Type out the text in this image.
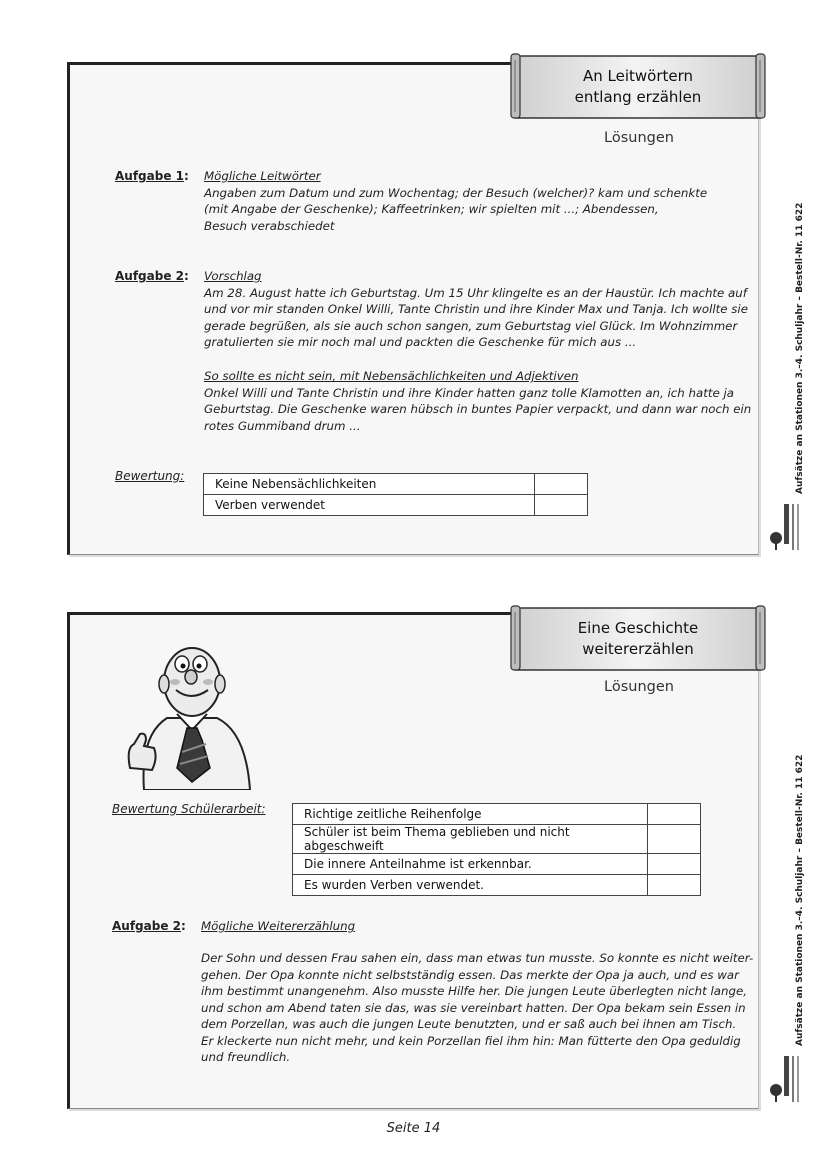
An Leitwörtern
entlang erzählen
Lösungen
Aufgabe 1: Mögliche Leitwörter
Angaben zum Datum und zum Wochentag; der Besuch (welcher)? kam und schenkte
(mit Angabe der Geschenke); Kaffeetrinken; wir spielten mit ...; Abendessen,
Besuch verabschiedet
Aufgabe 2: Vorschlag
Am 28. August hatte ich Geburtstag. Um 15 Uhr klingelte es an der Haustür. Ich machte auf
und vor mir standen Onkel Willi, Tante Christin und ihre Kinder Max und Tanja. Ich wollte sie
gerade begrüßen, als sie auch schon sangen, zum Geburtstag viel Glück. Im Wohnzimmer
gratulierten sie mir noch mal und packten die Geschenke für mich aus ...
So sollte es nicht sein, mit Nebensächlichkeiten und Adjektiven
Onkel Willi und Tante Christin und ihre Kinder hatten ganz tolle Klamotten an, ich hatte ja
Geburtstag. Die Geschenke waren hübsch in buntes Papier verpackt, und dann war noch ein
rotes Gummiband drum ...
Bewertung:
Keine Nebensächlichkeiten	
Verben verwendet	
Aufsätze an Stationen 3.–4. Schuljahr – Bestell-Nr. 11 622

Eine Geschichte
weitererzählen
Lösungen
Bewertung Schülerarbeit:	Richtige zeitliche Reihenfolge	
Schüler ist beim Thema geblieben und nicht abgeschweift	
Die innere Anteilnahme ist erkennbar.	
Es wurden Verben verwendet.	
Aufgabe 2: Mögliche Weitererzählung
Der Sohn und dessen Frau sahen ein, dass man etwas tun musste. So konnte es nicht weiter-
gehen. Der Opa konnte nicht selbstständig essen. Das merkte der Opa ja auch, und es war
ihm bestimmt unangenehm. Also musste Hilfe her. Die jungen Leute überlegten nicht lange,
und schon am Abend taten sie das, was sie vereinbart hatten. Der Opa bekam sein Essen in
dem Porzellan, was auch die jungen Leute benutzten, und er saß auch bei ihnen am Tisch.
Er kleckerte nun nicht mehr, und kein Porzellan fiel ihm hin: Man fütterte den Opa geduldig
und freundlich.
Aufsätze an Stationen 3.–4. Schuljahr – Bestell-Nr. 11 622
Seite 14
